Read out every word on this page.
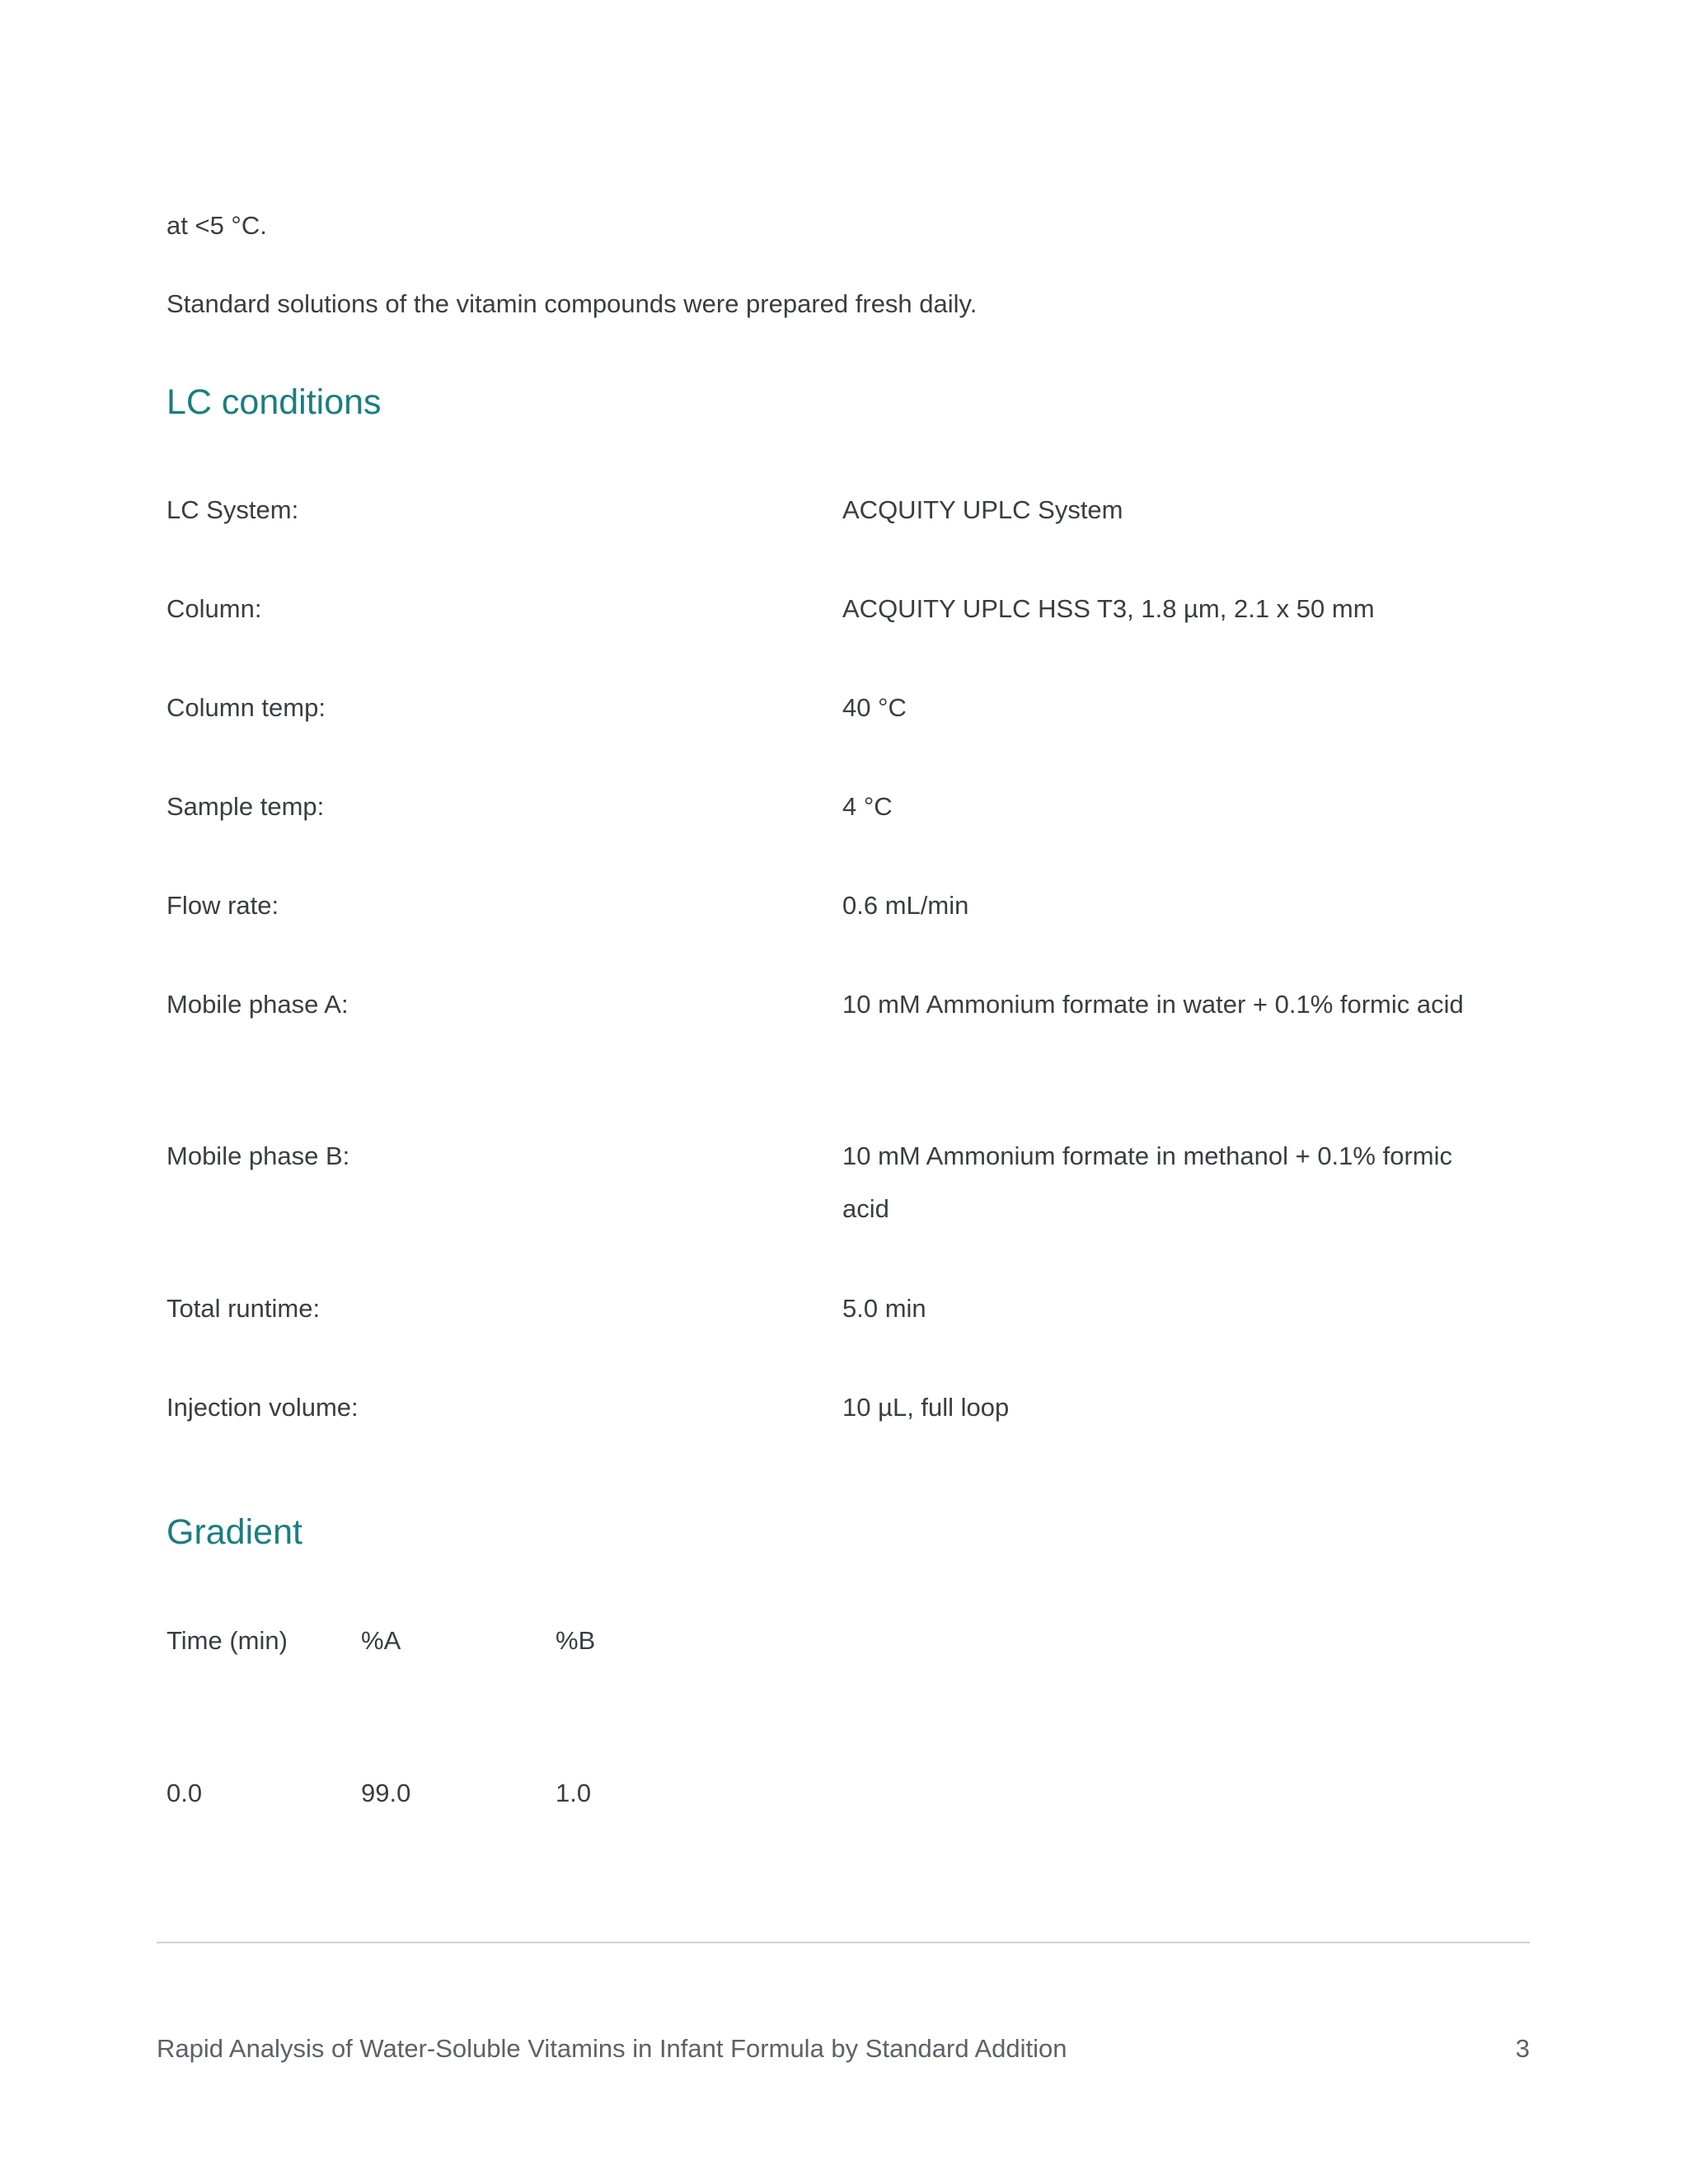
at <5 °C.

Standard solutions of the vitamin compounds were prepared fresh daily.

LC conditions
LC System:	ACQUITY UPLC System
Column:	ACQUITY UPLC HSS T3, 1.8 µm, 2.1 x 50 mm
Column temp:	40 °C
Sample temp:	4 °C
Flow rate:	0.6 mL/min
Mobile phase A:	10 mM Ammonium formate in water + 0.1% formic acid
Mobile phase B:	10 mM Ammonium formate in methanol + 0.1% formic acid
Total runtime:	5.0 min
Injection volume:	10 µL, full loop
Gradient
Time (min)	%A	%B
0.0	99.0	1.0
Rapid Analysis of Water-Soluble Vitamins in Infant Formula by Standard Addition	3
